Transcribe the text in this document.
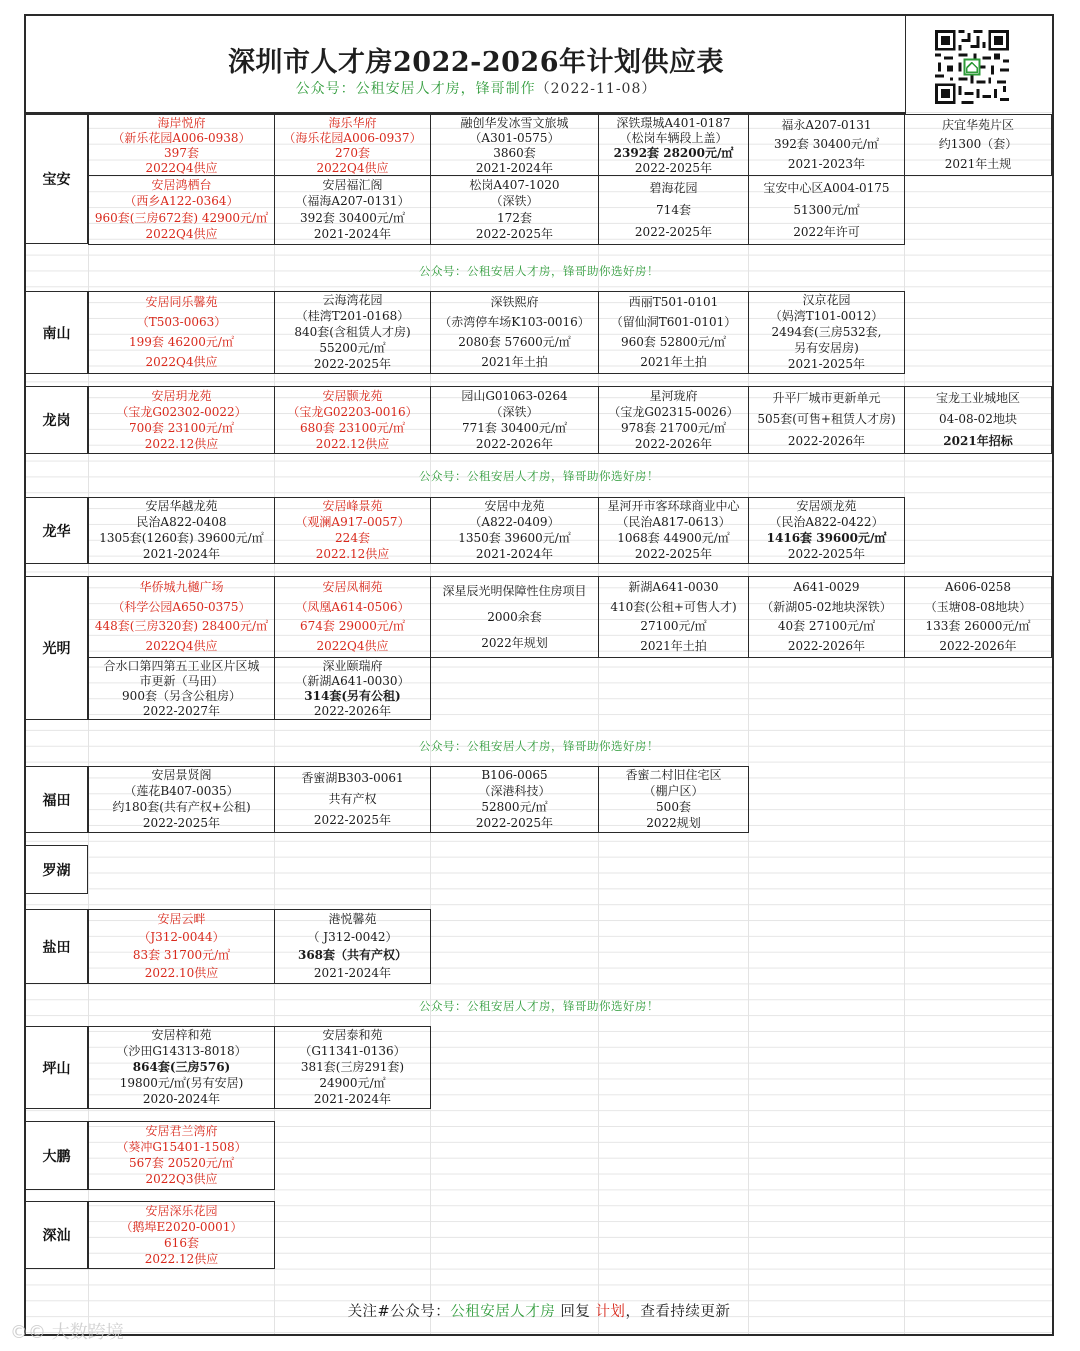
深圳市人才房2022-2026年计划供应表
公众号：公租安居人才房，锋哥制作（2022-11-08）
宝安
南山
龙岗
龙华
光明
福田
罗湖
盐田
坪山
大鹏
深汕
海岸悦府
（新乐花园A006-0938）
397套
2022Q4供应
海乐华府
（海乐花园A006-0937）
270套
2022Q4供应
融创华发冰雪文旅城
（A301-0575）
3860套
2021-2024年
深铁璟城A401-0187
（松岗车辆段上盖）
2392套 28200元/㎡
2022-2025年
福永A207-0131
392套 30400元/㎡
2021-2023年
庆宜华苑片区
约1300（套）
2021年土规
安居鸿栖台
（西乡A122-0364）
960套(三房672套) 42900元/㎡
2022Q4供应
安居福汇阁
（福海A207-0131）
392套 30400元/㎡
2021-2024年
松岗A407-1020
（深铁）
172套
2022-2025年
碧海花园
714套
2022-2025年
宝安中心区A004-0175
51300元/㎡
2022年许可
公众号：公租安居人才房，锋哥助你选好房！
安居同乐馨苑
（T503-0063）
199套 46200元/㎡
2022Q4供应
云海湾花园
（桂湾T201-0168）
840套(含租赁人才房)
55200元/㎡
2022-2025年
深铁熙府
（赤湾停车场K103-0016）
2080套 57600元/㎡
2021年土拍
西丽T501-0101
（留仙洞T601-0101）
960套 52800元/㎡
2021年土拍
汉京花园
（妈湾T101-0012）
2494套(三房532套,
另有安居房)
2021-2025年
安居玥龙苑
（宝龙G02302-0022）
700套 23100元/㎡
2022.12供应
安居颢龙苑
（宝龙G02203-0016）
680套 23100元/㎡
2022.12供应
园山G01063-0264
（深铁）
771套 30400元/㎡
2022-2026年
星河珑府
（宝龙G02315-0026）
978套 21700元/㎡
2022-2026年
升平厂城市更新单元
505套(可售+租赁人才房)
2022-2026年
宝龙工业城地区
04-08-02地块
2021年招标
公众号：公租安居人才房，锋哥助你选好房！
安居华越龙苑
民治A822-0408
1305套(1260套) 39600元/㎡
2021-2024年
安居峰景苑
（观澜A917-0057）
224套
2022.12供应
安居中龙苑
（A822-0409）
1350套 39600元/㎡
2021-2024年
星河开市客环球商业中心
（民治A817-0613）
1068套 44900元/㎡
2022-2025年
安居颂龙苑
（民治A822-0422）
1416套 39600元/㎡
2022-2025年
华侨城九樾广场
（科学公园A650-0375）
448套(三房320套) 28400元/㎡
2022Q4供应
安居凤桐苑
（凤凰A614-0506）
674套 29000元/㎡
2022Q4供应
深星辰光明保障性住房项目
2000余套
2022年规划
新湖A641-0030
410套(公租+可售人才)
27100元/㎡
2021年土拍
A641-0029
（新湖05-02地块深铁）
40套 27100元/㎡
2022-2026年
A606-0258
（玉塘08-08地块）
133套 26000元/㎡
2022-2026年
合水口第四第五工业区片区城
市更新（马田）
900套（另含公租房）
2022-2027年
深业颐瑞府
（新湖A641-0030）
314套(另有公租)
2022-2026年
公众号：公租安居人才房，锋哥助你选好房！
安居景贤阁
（莲花B407-0035）
约180套(共有产权+公租)
2022-2025年
香蜜湖B303-0061
共有产权
2022-2025年
B106-0065
（深港科技）
52800元/㎡
2022-2025年
香蜜二村旧住宅区
（棚户区）
500套
2022规划
安居云畔
（J312-0044）
83套 31700元/㎡
2022.10供应
港悦馨苑
（ J312-0042）
368套（共有产权）
2021-2024年
公众号：公租安居人才房，锋哥助你选好房！
安居梓和苑
（沙田G14313-8018）
864套(三房576)
19800元/㎡(另有安居)
2020-2024年
安居泰和苑
（G11341-0136）
381套(三房291套)
24900元/㎡
2021-2024年
安居君兰湾府
（葵冲G15401-1508）
567套 20520元/㎡
2022Q3供应
安居深乐花园
（鹅埠E2020-0001）
616套
2022.12供应
关注#公众号：公租安居人才房 回复 计划，查看持续更新
©© 大数跨境
